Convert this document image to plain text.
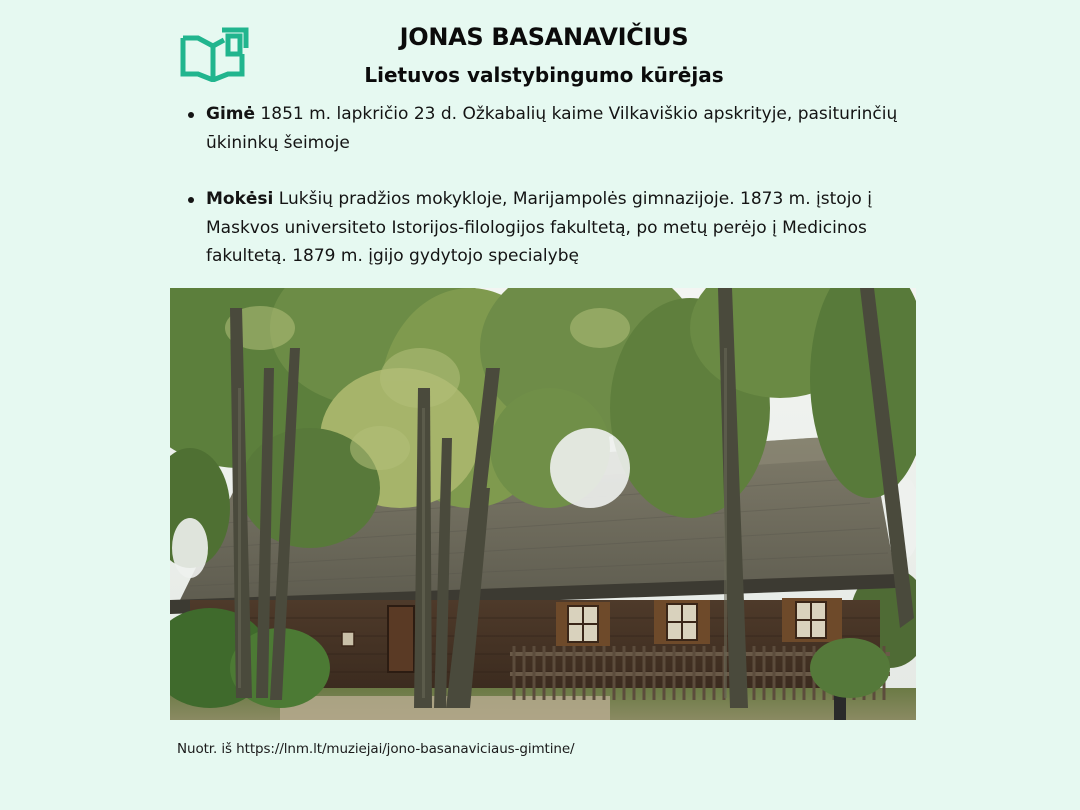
JONAS BASANAVIČIUS
Lietuvos valstybingumo kūrėjas
Gimė 1851 m. lapkričio 23 d. Ožkabalių kaime Vilkaviškio apskrityje, pasiturinčių ūkininkų šeimoje
Mokėsi Lukšių pradžios mokykloje, Marijampolės gimnazijoje. 1873 m. įstojo į Maskvos universiteto Istorijos-filologijos fakultetą, po metų perėjo į Medicinos fakultetą. 1879 m. įgijo gydytojo specialybę
Nuotr. iš https://lnm.lt/muziejai/jono-basanaviciaus-gimtine/
